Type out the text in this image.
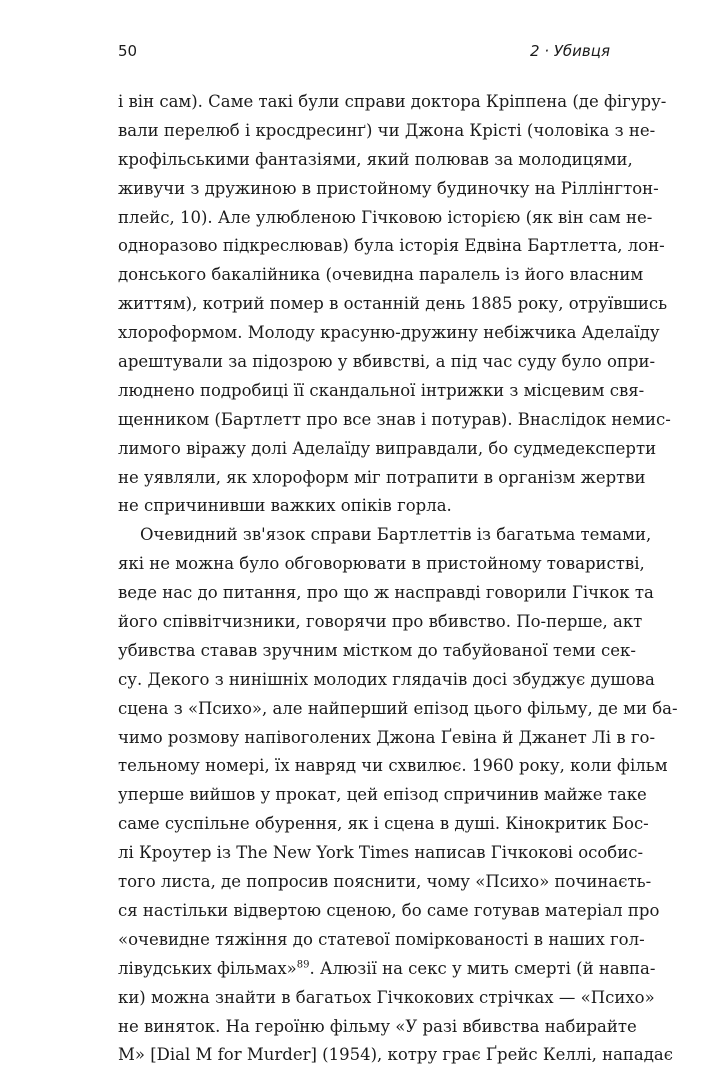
50	2 · Убивця
і він сам). Саме такі були справи доктора Кріппена (де фігуру-
вали перелюб і кросдресинґ) чи Джона Крісті (чоловіка з не-
крофільськими фантазіями, який полював за молодицями,
живучи з дружиною в пристойному будиночку на Ріллінгтон-
плейс, 10). Але улюбленою Гічковою історією (як він сам не-
одноразово підкреслював) була історія Едвіна Бартлетта, лон-
донського бакалійника (очевидна паралель із його власним
життям), котрий помер в останній день 1885 року, отруївшись
хлороформом. Молоду красуню-дружину небіжчика Аделаїду
арештували за підозрою у вбивстві, а під час суду було опри-
люднено подробиці її скандальної інтрижки з місцевим свя-
щенником (Бартлетт про все знав і потурав). Внаслідок немис-
лимого віражу долі Аделаїду виправдали, бо судмедексперти
не уявляли, як хлороформ міг потрапити в організм жертви
не спричинивши важких опіків горла.
Очевидний зв'язок справи Бартлеттів із багатьма темами,
які не можна було обговорювати в пристойному товаристві,
веде нас до питання, про що ж насправді говорили Гічкок та
його співвітчизники, говорячи про вбивство. По-перше, акт
убивства ставав зручним містком до табуйованої теми сек-
су. Декого з нинішніх молодих глядачів досі збуджує душова
сцена з «Психо», але найперший епізод цього фільму, де ми ба-
чимо розмову напівоголених Джона Ґевіна й Джанет Лі в го-
тельному номері, їх навряд чи схвилює. 1960 року, коли фільм
уперше вийшов у прокат, цей епізод спричинив майже таке
саме суспільне обурення, як і сцена в душі. Кінокритик Бос-
лі Кроутер із The New York Times написав Гічкокові особис-
того листа, де попросив пояснити, чому «Психо» починаєть-
ся настільки відвертою сценою, бо саме готував матеріал про
«очевидне тяжіння до статевої поміркованості в наших гол-
лівудських фільмах»$^{89}$. Алюзії на секс у мить смерті (й навпа-
ки) можна знайти в багатьох Гічкокових стрічках — «Психо»
не виняток. На героїню фільму «У разі вбивства набирайте
M» [Dial M for Murder] (1954), котру грає Ґрейс Келлі, нападає
